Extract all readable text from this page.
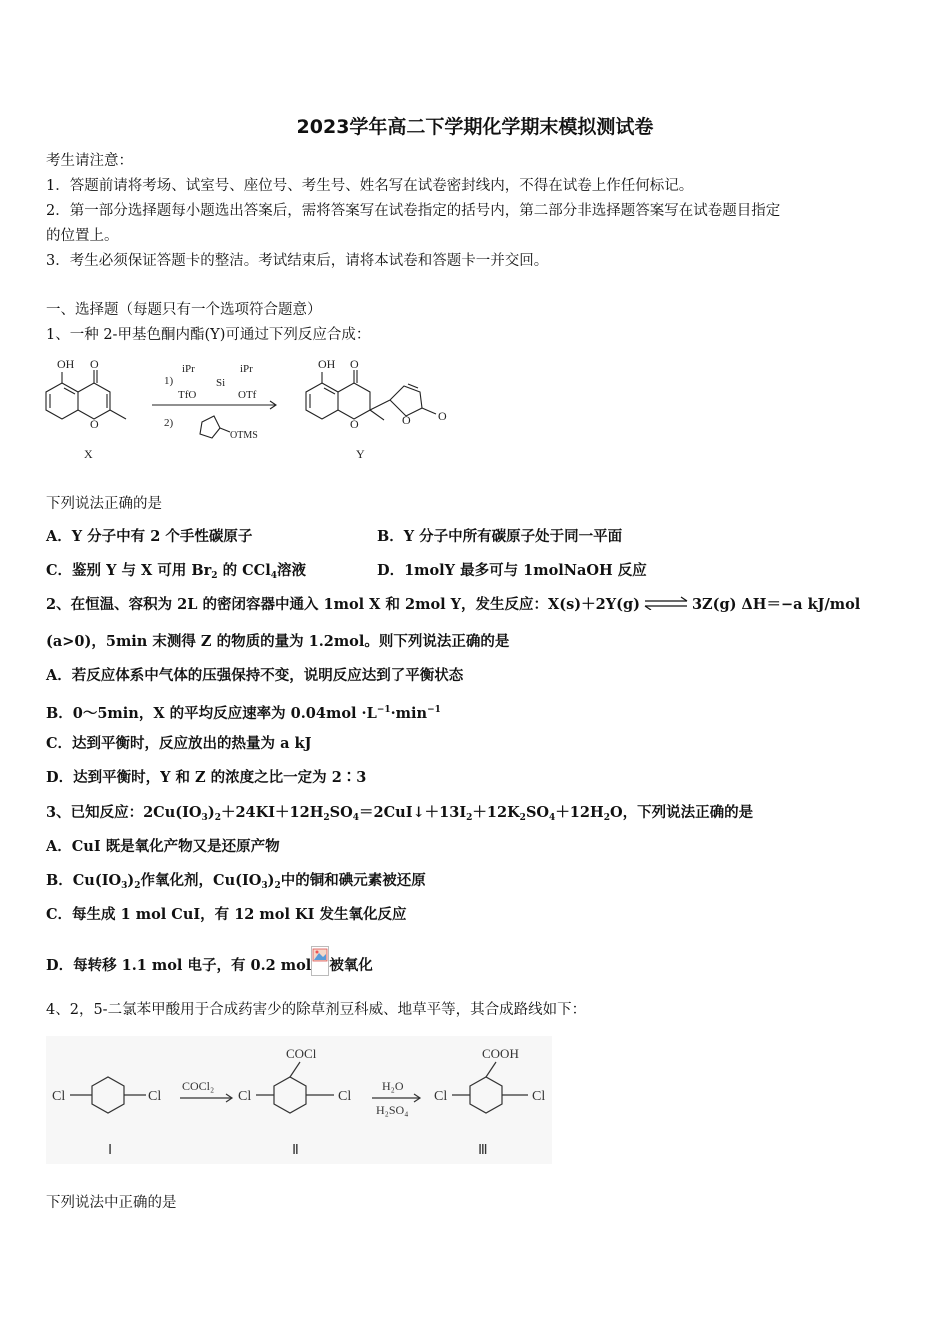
2023学年高二下学期化学期末模拟测试卷
考生请注意：
1．答题前请将考场、试室号、座位号、考生号、姓名写在试卷密封线内，不得在试卷上作任何标记。
2．第一部分选择题每小题选出答案后，需将答案写在试卷指定的括号内，第二部分非选择题答案写在试卷题目指定
的位置上。
3．考生必须保证答题卡的整洁。考试结束后，请将本试卷和答题卡一并交回。
一、选择题（每题只有一个选项符合题意）
1、一种 2-甲基色酮内酯(Y)可通过下列反应合成：
OH O
O
X
1)
iPr	iPr
Si
TfO	OTf
2)
OTMS
OH O
O	O O
Y
下列说法正确的是
A．Y 分子中有 2 个手性碳原子	B．Y 分子中所有碳原子处于同一平面
C．鉴别 Y 与 X 可用 $Br_2$ 的 CCl$_4$溶液	D．1molY 最多可与 1molNaOH 反应
2、在恒温、容积为 2L 的密闭容器中通入 1mol X 和 2mol Y，发生反应：X(s)＋2Y(g) ⇌ 3Z(g) ΔH＝−a kJ/mol
(a>0)，5min 末测得 Z 的物质的量为 1.2mol。则下列说法正确的是
A．若反应体系中气体的压强保持不变，说明反应达到了平衡状态
B．0～5min，X 的平均反应速率为 $0.04mol \cdot L^{-1}\cdot\min^{-1}$
C．达到平衡时，反应放出的热量为 a kJ
D．达到平衡时，Y 和 Z 的浓度之比一定为 2∶3
3、已知反应：$2Cu(IO_3)_2+24KI+12H_2SO_4=2CuI↓+13I_2+12K_2SO_4+12H_2O$，下列说法正确的是
A．CuI 既是氧化产物又是还原产物
B．$Cu(IO_3)_2$作氧化剂，$Cu(IO_3)_2$中的铜和碘元素被还原
C．每生成 1 mol CuI，有 12 mol KI 发生氧化反应
D．每转移 1.1 mol 电子，有 0.2 mol 被氧化
4、2，5-二氯苯甲酸用于合成药害少的除草剂豆科威、地草平等，其合成路线如下：
Cl	Cl
COCl₂
Cl	Cl
COCl
H₂O
H₂SO₄
Cl	Cl
COOH
Ⅰ	Ⅱ	Ⅲ
下列说法中正确的是
